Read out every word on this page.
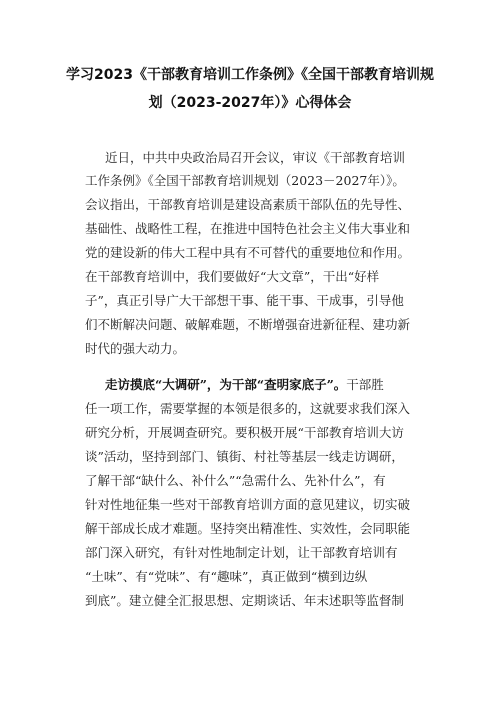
学习2023《干部教育培训工作条例》《全国干部教育培训规
划（2023-2027年）》心得体会
近日，中共中央政治局召开会议，审议《干部教育培训
工作条例》《全国干部教育培训规划（2023－2027年）》。
会议指出，干部教育培训是建设高素质干部队伍的先导性、
基础性、战略性工程，在推进中国特色社会主义伟大事业和
党的建设新的伟大工程中具有不可替代的重要地位和作用。
在干部教育培训中，我们要做好“大文章”，干出“好样
子”，真正引导广大干部想干事、能干事、干成事，引导他
们不断解决问题、破解难题，不断增强奋进新征程、建功新
时代的强大动力。
走访摸底“大调研”，为干部“查明家底子”。干部胜
任一项工作，需要掌握的本领是很多的，这就要求我们深入
研究分析，开展调查研究。要积极开展“干部教育培训大访
谈”活动，坚持到部门、镇街、村社等基层一线走访调研，
了解干部“缺什么、补什么”“急需什么、先补什么”，有
针对性地征集一些对干部教育培训方面的意见建议，切实破
解干部成长成才难题。坚持突出精准性、实效性，会同职能
部门深入研究，有针对性地制定计划，让干部教育培训有
“土味”、有“党味”、有“趣味”，真正做到“横到边纵
到底”。建立健全汇报思想、定期谈话、年末述职等监督制
